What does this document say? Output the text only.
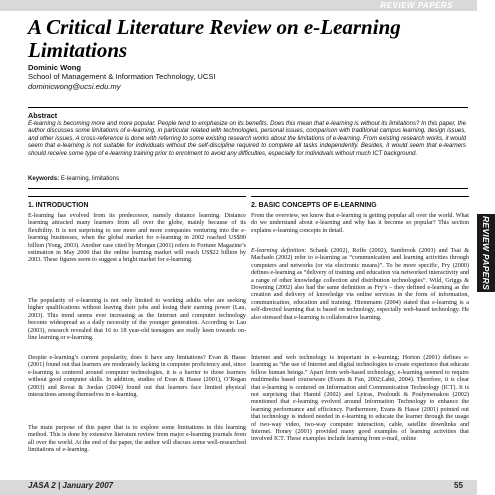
REVIEW PAPERS
REVIEW PAPERS
A Critical Literature Review on e-Learning Limitations
Dominic Wong
School of Management & Information Technology, UCSI
dominicwong@ucsi.edu.my
Abstract

E-learning is becoming more and more popular. People tend to emphasize on its benefits. Does this mean that e-learning is without its limitations? In this paper, the author discusses some limitations of e-learning, in particular related with technologies, personal issues, comparison with traditional campus learning, design issues, and other issues. A cross-reference is done with referring to some existing research works about the limitations of e-learning. From existing research works, it would seem that e-learning is not suitable for individuals without the self-discipline required to complete all tasks independently. Besides, it would seem that e-learners should receive some type of e-learning training prior to enrolment to avoid any difficulties, especially for individuals without much ICT background.

Keywords: E-learning, limitations
1. INTRODUCTION

E-learning has evolved from its predecessor, namely distance learning. Distance learning attracted many learners from all over the globe, mainly because of its flexibility. It is not surprising to see more and more companies venturing into the e-learning businesses, when the global market for e-learning in 2002 reached US$90 billion (Yong, 2003). Another case cited by Morgan (2001) refers to Fortune Magazine’s estimation in May 2000 that the online learning market will reach US$22 billion by 2003. These figures seem to suggest a bright market for e-learning.

The popularity of e-learning is not only limited to working adults who are seeking higher qualifications without leaving their jobs and losing their earning power (Lau, 2003). This trend seems ever increasing as the Internet and computer technology become widespread as a daily necessity of the younger generation. According to Lau (2003), research revealed that 16 to 18 year-old teenagers are really keen towards on-line learning or e-learning.

Despite e-learning’s current popularity, does it have any limitations? Evan & Hasse (2001) found out that learners are moderately lacking in computer proficiency and, since e-learning is centered around computer technologies, it is a barrier to those learners without good computer skills. In addition, studies of Evan & Hasse (2001), O’Regan (2003) and Rovai & Jordan (2004) found out that learners face limited physical interactions among themselves in e-learning.

The main purpose of this paper that is to explore some limitations in this learning method. This is done by extensive literature review from major e-learning journals from all over the world. At the end of the paper, the author will discuss some well-researched limitations of e-learning.

2. BASIC CONCEPTS OF E-LEARNING

From the overview, we know that e-learning is getting popular all over the world. What do we understand about e-learning and why has it become so popular? This section explains e-learning concepts in detail.

E-learning definition: Schank (2002), Roffe (2002), Sambrook (2003) and Tsai & Machado (2002) refer to e-learning as “communication and learning activities through computers and networks (or via electronic means)”. To be more specific, Fry (2000) defines e-learning as “delivery of training and education via networked interactivity and a range of other knowledge collection and distribution technologies”. Wild, Griggs & Downing (2002) also had the same definition as Fry’s – they defined e-learning as the creation and delivery of knowledge via online services in the form of information, communication, education and training. Hiemmann (2004) stated that e-learning is a self-directed learning that is based on technology, especially web-based technology. He also stressed that e-learning is collaborative learning.

Internet and web technology is important in e-learning; Horton (2001) defines e-learning as “the use of Internet and digital technologies to create experience that educate fellow human beings.” Apart from web-based technology, e-learning seemed to require multimedia based courseware (Evans & Fan, 2002;Lahti, 2004). Therefore, it is clear that e-learning is centered on Information and Communication Technology (ICT). It is not surprising that Hamid (2002) and Lytras, Pouloudi & Poulymenakou (2002) mentioned that e-learning evolved around Information Technology to enhance the learning performance and efficiency. Furthermore, Evans & Hasse (2001) pointed out that technology is indeed needed in e-learning to educate the learner through the usage of two-way video, two-way computer interaction, cable, satellite downlinks and Internet. Honey (2001) provided many good examples of learning activities that involved ICT. These examples include learning from e-mail, online

JASA 2 | January 2007	55
